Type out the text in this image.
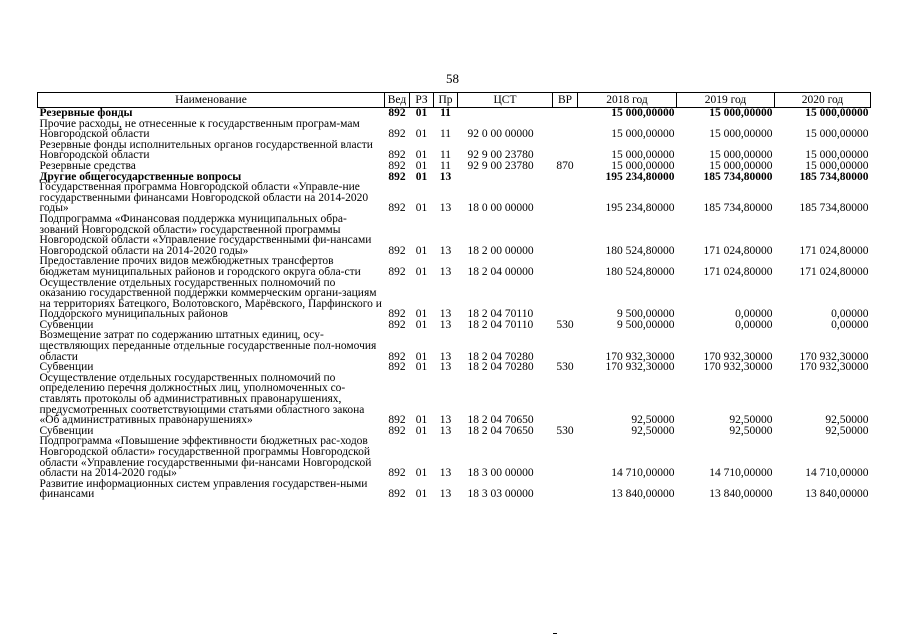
58
Наименование	Вед	РЗ	Пр	ЦСТ	ВР	2018 год	2019 год	2020 год
Резервные фонды	892	01	11			15 000,00000	15 000,00000	15 000,00000
Прочие расходы, не отнесенные к государственным програм-мам Новгородской области	892	01	11	92 0 00 00000		15 000,00000	15 000,00000	15 000,00000
Резервные фонды исполнительных органов государственной власти Новгородской области	892	01	11	92 9 00 23780		15 000,00000	15 000,00000	15 000,00000
Резервные средства	892	01	11	92 9 00 23780	870	15 000,00000	15 000,00000	15 000,00000
Другие общегосударственные вопросы	892	01	13			195 234,80000	185 734,80000	185 734,80000
Государственная программа Новгородской области «Управле-ние государственными финансами Новгородской области на 2014-2020 годы»	892	01	13	18 0 00 00000		195 234,80000	185 734,80000	185 734,80000
Подпрограмма «Финансовая поддержка муниципальных обра-зований Новгородской области» государственной программы Новгородской области «Управление государственными фи-нансами Новгородской области на 2014-2020 годы»	892	01	13	18 2 00 00000		180 524,80000	171 024,80000	171 024,80000
Предоставление прочих видов межбюджетных трансфертов бюджетам муниципальных районов и городского округа обла-сти	892	01	13	18 2 04 00000		180 524,80000	171 024,80000	171 024,80000
Осуществление отдельных государственных полномочий по оказанию государственной поддержки коммерческим органи-зациям на территориях Батецкого, Волотовского, Марёвского, Парфинского и Поддорского муниципальных районов	892	01	13	18 2 04 70110		9 500,00000	0,00000	0,00000
Субвенции	892	01	13	18 2 04 70110	530	9 500,00000	0,00000	0,00000
Возмещение затрат по содержанию штатных единиц, осу-ществляющих переданные отдельные государственные пол-номочия области	892	01	13	18 2 04 70280		170 932,30000	170 932,30000	170 932,30000
Субвенции	892	01	13	18 2 04 70280	530	170 932,30000	170 932,30000	170 932,30000
Осуществление отдельных государственных полномочий по определению перечня должностных лиц, уполномоченных со-ставлять протоколы об административных правонарушениях, предусмотренных соответствующими статьями областного закона «Об административных правонарушениях»	892	01	13	18 2 04 70650		92,50000	92,50000	92,50000
Субвенции	892	01	13	18 2 04 70650	530	92,50000	92,50000	92,50000
Подпрограмма «Повышение эффективности бюджетных рас-ходов Новгородской области» государственной программы Новгородской области «Управление государственными фи-нансами Новгородской области на 2014-2020 годы»	892	01	13	18 3 00 00000		14 710,00000	14 710,00000	14 710,00000
Развитие информационных систем управления государствен-ными финансами	892	01	13	18 3 03 00000		13 840,00000	13 840,00000	13 840,00000
